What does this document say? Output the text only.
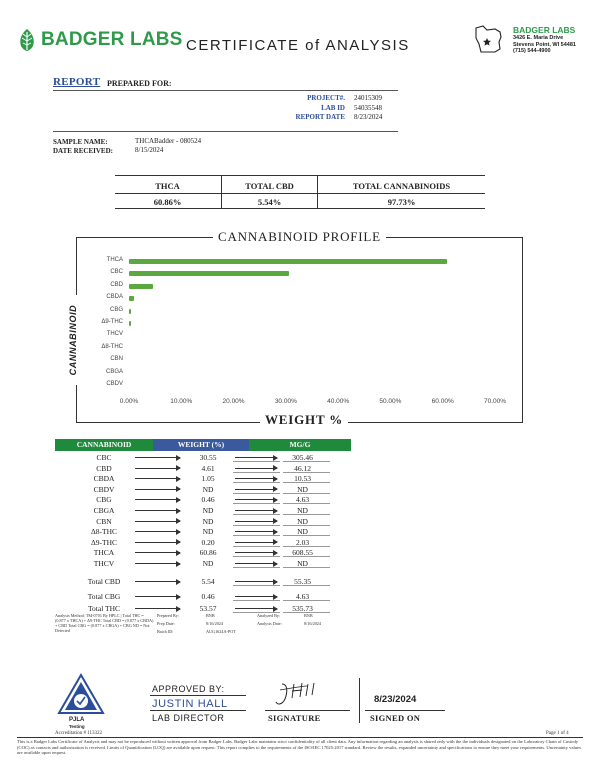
BADGER LABS CERTIFICATE of ANALYSIS
BADGER LABS
3426 E. Maria Drive
Stevens Point, WI 54481
(715) 544-4900
REPORT PREPARED FOR:
PROJECT#. 24015309
LAB ID 54035548
REPORT DATE 8/23/2024
SAMPLE NAME:	THCABadder - 080524
DATE RECEIVED:	8/15/2024
THCA	TOTAL CBD	TOTAL CANNABINOIDS
60.86%	5.54%	97.73%
THCA
CBC
CBD
CBDA
CBG
Δ9-THC
THCV
Δ8-THC
CBN
CBGA
CBDV
0.00%	10.00%	20.00%	30.00%	40.00%	50.00%	60.00%	70.00%
CANNABINOID PROFILE
WEIGHT %
CANNABINOID
CANNABINOID	WEIGHT (%)	MG/G
CBC	30.55	305.46
CBD	4.61	46.12
CBDA	1.05	10.53
CBDV	ND	ND
CBG	0.46	4.63
CBGA	ND	ND
CBN	ND	ND
Δ8-THC	ND	ND
Δ9-THC	0.20	2.03
THCA	60.86	608.55
THCV	ND	ND
Total CBD	5.54	55.35
Total CBG	0.46	4.63
Total THC	53.57	535.73
Analysis Method: TM-0701 By HPLC | Total THC = (0.877 x THCA) + Δ9-THC Total CBD = (0.877 x CBDA) + CBD Total CBG = (0.877 x CBGA) + CBG ND = Not Detected
Prepared By:	BNB
Prep Date:	8/16/2024
Batch ID:	AUG1624A-POT
Analyzed By:	BNB
Analysis Date:	8/16/2024
PJLA
Testing
Accreditation # 113322
APPROVED BY:
JUSTIN HALL
LAB DIRECTOR	SIGNATURE
8/23/2024
SIGNED ON
Page 1 of 4
This is a Badger Labs Certificate of Analysis and may not be reproduced without written approval from Badger Labs. Badger Labs maintains strict confidentiality of all client data. Any information regarding an analysis is shared only with the the individuals designated on the Laboratory Chain of Custody (COC) as contacts and authorization is received. Limits of Quantification (LOQ) are available upon request. This report complies to the requirements of the ISO/IEC 17025:2017 standard. Review the results, expanded uncertainty and specifications to ensure they meet your requirements. Uncertainty values are available upon request.
